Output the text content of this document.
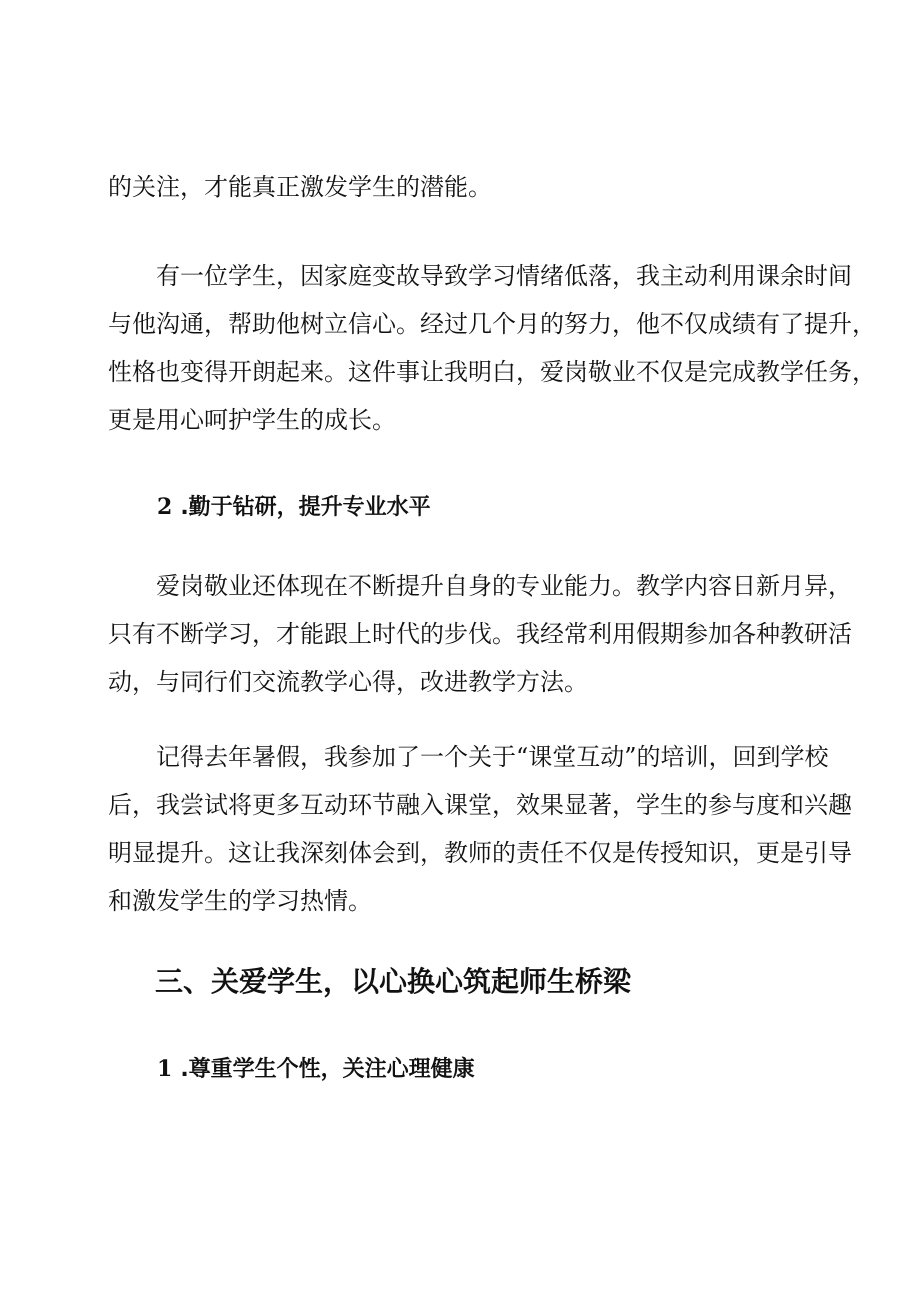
的关注，才能真正激发学生的潜能。

有一位学生，因家庭变故导致学习情绪低落，我主动利用课余时间
与他沟通，帮助他树立信心。经过几个月的努力，他不仅成绩有了提升，
性格也变得开朗起来。这件事让我明白，爱岗敬业不仅是完成教学任务，
更是用心呵护学生的成长。

2 .勤于钻研，提升专业水平

爱岗敬业还体现在不断提升自身的专业能力。教学内容日新月异，
只有不断学习，才能跟上时代的步伐。我经常利用假期参加各种教研活
动，与同行们交流教学心得，改进教学方法。

记得去年暑假，我参加了一个关于“课堂互动”的培训，回到学校
后，我尝试将更多互动环节融入课堂，效果显著，学生的参与度和兴趣
明显提升。这让我深刻体会到，教师的责任不仅是传授知识，更是引导
和激发学生的学习热情。

三、关爱学生，以心换心筑起师生桥梁
1 .尊重学生个性，关注心理健康
